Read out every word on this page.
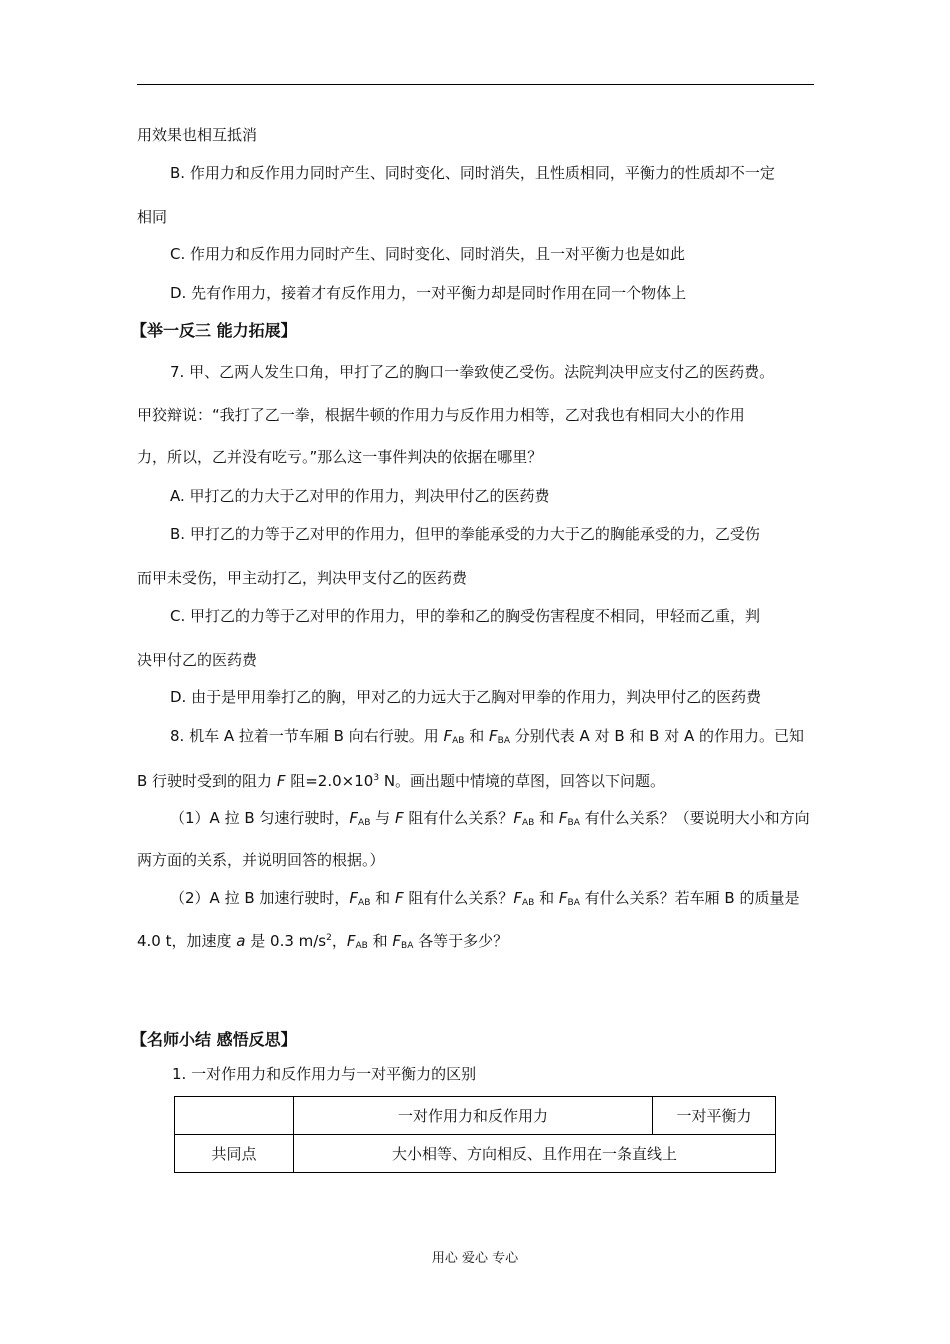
用效果也相互抵消
B. 作用力和反作用力同时产生、同时变化、同时消失，且性质相同，平衡力的性质却不一定
相同
C. 作用力和反作用力同时产生、同时变化、同时消失，且一对平衡力也是如此
D. 先有作用力，接着才有反作用力，一对平衡力却是同时作用在同一个物体上
【举一反三 能力拓展】
7. 甲、乙两人发生口角，甲打了乙的胸口一拳致使乙受伤。法院判决甲应支付乙的医药费。
甲狡辩说：“我打了乙一拳，根据牛顿的作用力与反作用力相等，乙对我也有相同大小的作用
力，所以，乙并没有吃亏。”那么这一事件判决的依据在哪里？
A. 甲打乙的力大于乙对甲的作用力，判决甲付乙的医药费
B. 甲打乙的力等于乙对甲的作用力，但甲的拳能承受的力大于乙的胸能承受的力，乙受伤
而甲未受伤，甲主动打乙，判决甲支付乙的医药费
C. 甲打乙的力等于乙对甲的作用力，甲的拳和乙的胸受伤害程度不相同，甲轻而乙重，判
决甲付乙的医药费
D. 由于是甲用拳打乙的胸，甲对乙的力远大于乙胸对甲拳的作用力，判决甲付乙的医药费
8. 机车 A 拉着一节车厢 B 向右行驶。用 $F_{AB}$ 和 $F_{BA}$ 分别代表 A 对 B 和 B 对 A 的作用力。已知
B 行驶时受到的阻力 F 阻$=2.0\times 10^3$ N。画出题中情境的草图，回答以下问题。
（1）A 拉 B 匀速行驶时，$F_{AB}$ 与 F 阻有什么关系？$F_{AB}$ 和 $F_{BA}$ 有什么关系？（要说明大小和方向
两方面的关系，并说明回答的根据。）
（2）A 拉 B 加速行驶时，$F_{AB}$ 和 F 阻有什么关系？$F_{AB}$ 和 $F_{BA}$ 有什么关系？若车厢 B 的质量是
4.0 t，加速度 a 是 0.3 $m/s^2$，$F_{AB}$ 和 $F_{BA}$ 各等于多少？
【名师小结 感悟反思】
1. 一对作用力和反作用力与一对平衡力的区别
	一对作用力和反作用力	一对平衡力
共同点	大小相等、方向相反、且作用在一条直线上	
用心 爱心 专心
